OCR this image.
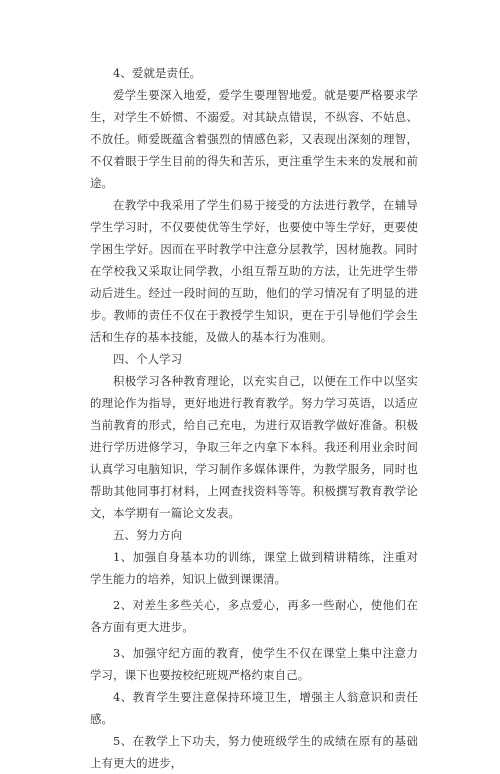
4、爱就是责任。

爱学生要深入地爱，爱学生要理智地爱。就是要严格要求学生，对学生不娇惯、不溺爱。对其缺点错误，不纵容、不姑息、不放任。师爱既蕴含着强烈的情感色彩，又表现出深刻的理智，不仅着眼于学生目前的得失和苦乐，更注重学生未来的发展和前途。

在教学中我采用了学生们易于接受的方法进行教学，在辅导学生学习时，不仅要使优等生学好，也要使中等生学好，更要使学困生学好。因而在平时教学中注意分层教学，因材施教。同时在学校我又采取让同学教，小组互帮互助的方法，让先进学生带动后进生。经过一段时间的互助，他们的学习情况有了明显的进步。教师的责任不仅在于教授学生知识，更在于引导他们学会生活和生存的基本技能，及做人的基本行为准则。

四、个人学习

积极学习各种教育理论，以充实自己，以便在工作中以坚实的理论作为指导，更好地进行教育教学。努力学习英语，以适应当前教育的形式，给自己充电，为进行双语教学做好准备。积极进行学历进修学习，争取三年之内拿下本科。我还利用业余时间认真学习电脑知识，学习制作多媒体课件，为教学服务，同时也帮助其他同事打材料，上网查找资料等等。积极撰写教育教学论文，本学期有一篇论文发表。

五、努力方向

1、加强自身基本功的训练，课堂上做到精讲精练，注重对学生能力的培养，知识上做到课课清。

2、对差生多些关心，多点爱心，再多一些耐心，使他们在各方面有更大进步。

3、加强守纪方面的教育，使学生不仅在课堂上集中注意力学习，课下也要按校纪班规严格约束自己。

4、教育学生要注意保持环境卫生，增强主人翁意识和责任感。

5、在教学上下功夫，努力使班级学生的成绩在原有的基础上有更大的进步，
